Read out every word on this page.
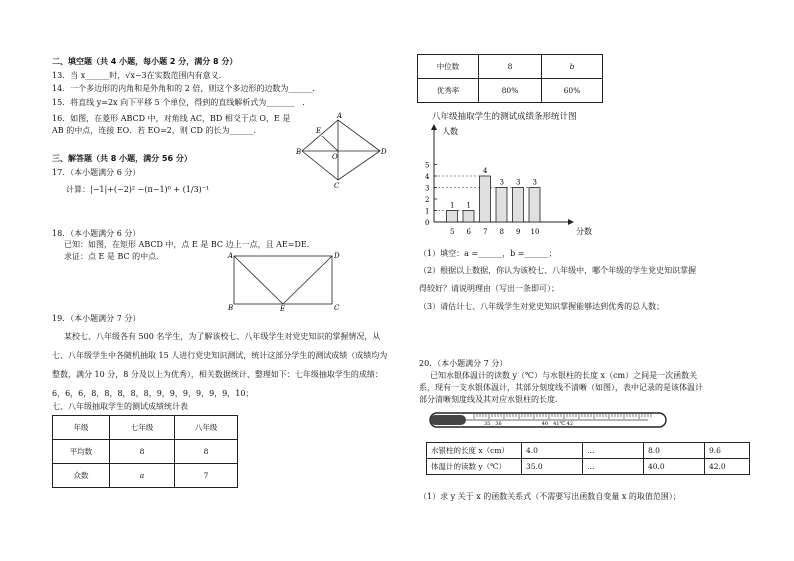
二、填空题（共 4 小题，每小题 2 分，满分 8 分）
13．当 x______时，√x−3在实数范围内有意义．
14．一个多边形的内角和是外角和的 2 倍，则这个多边形的边数为______．
15．将直线 y=2x 向下平移 5 个单位，得到的直线解析式为_______　．
16．如图，在菱形 ABCD 中，对角线 AC，BD 相交于点 O，E 是
AB 的中点，连接 EO．若 EO=2，则 CD 的长为______．
A
B
C
D
E
O
三、解答题（共 8 小题，满分 56 分）
17．（本小题满分 6 分）
计算：|−1|+(−2)² −(π−1)⁰ + (1/3)⁻¹
18．（本小题满分 6 分）
已知：如图，在矩形 ABCD 中，点 E 是 BC 边上一点，且 AE=DE．
求证：点 E 是 BC 的中点．	A	D
B	C
E
19．（本小题满分 7 分）
某校七、八年级各有 500 名学生，为了解该校七、八年级学生对党史知识的掌握情况，从七、八年级学生中各随机抽取 15 人进行党史知识测试，统计这部分学生的测试成绩（成绩均为整数，满分 10 分，8 分及以上为优秀），相关数据统计、整理如下：七年级抽取学生的成绩：6，6，6，8，8，8，8，8，9，9，9，9，9，9，10；
七、八年级抽取学生的测试成绩统计表
年级	七年级	八年级
平均数	8	8
众数	a	7
中位数	8	b
优秀率	80%	60%
八年级抽取学生的测试成绩条形统计图
人数
分数
0
1
2
3
4
5
1
5
1
6
4
7
3
8
3
9
3
10
（1）填空：a =______，b =______；
（2）根据以上数据，你认为该校七、八年级中，哪个年级的学生党史知识掌握
得较好？请说明理由（写出一条即可）；
（3）请估计七、八年级学生对党史知识掌握能够达到优秀的总人数；
20．（本小题满分 7 分）
已知水银体温计的读数 y（℃）与水银柱的长度 x（cm）之间是一次函数关
系，现有一支水银体温计，其部分刻度线不清晰（如图），表中记录的是该体温计
部分清晰刻度线及其对应水银柱的长度．
35　36　　　　　　　　40　41℃ 42
水银柱的长度 x（cm）	4.0	…	8.0	9.6
体温计的读数 y（℃）	35.0	…	40.0	42.0
（1）求 y 关于 x 的函数关系式（不需要写出函数自变量 x 的取值范围）；
